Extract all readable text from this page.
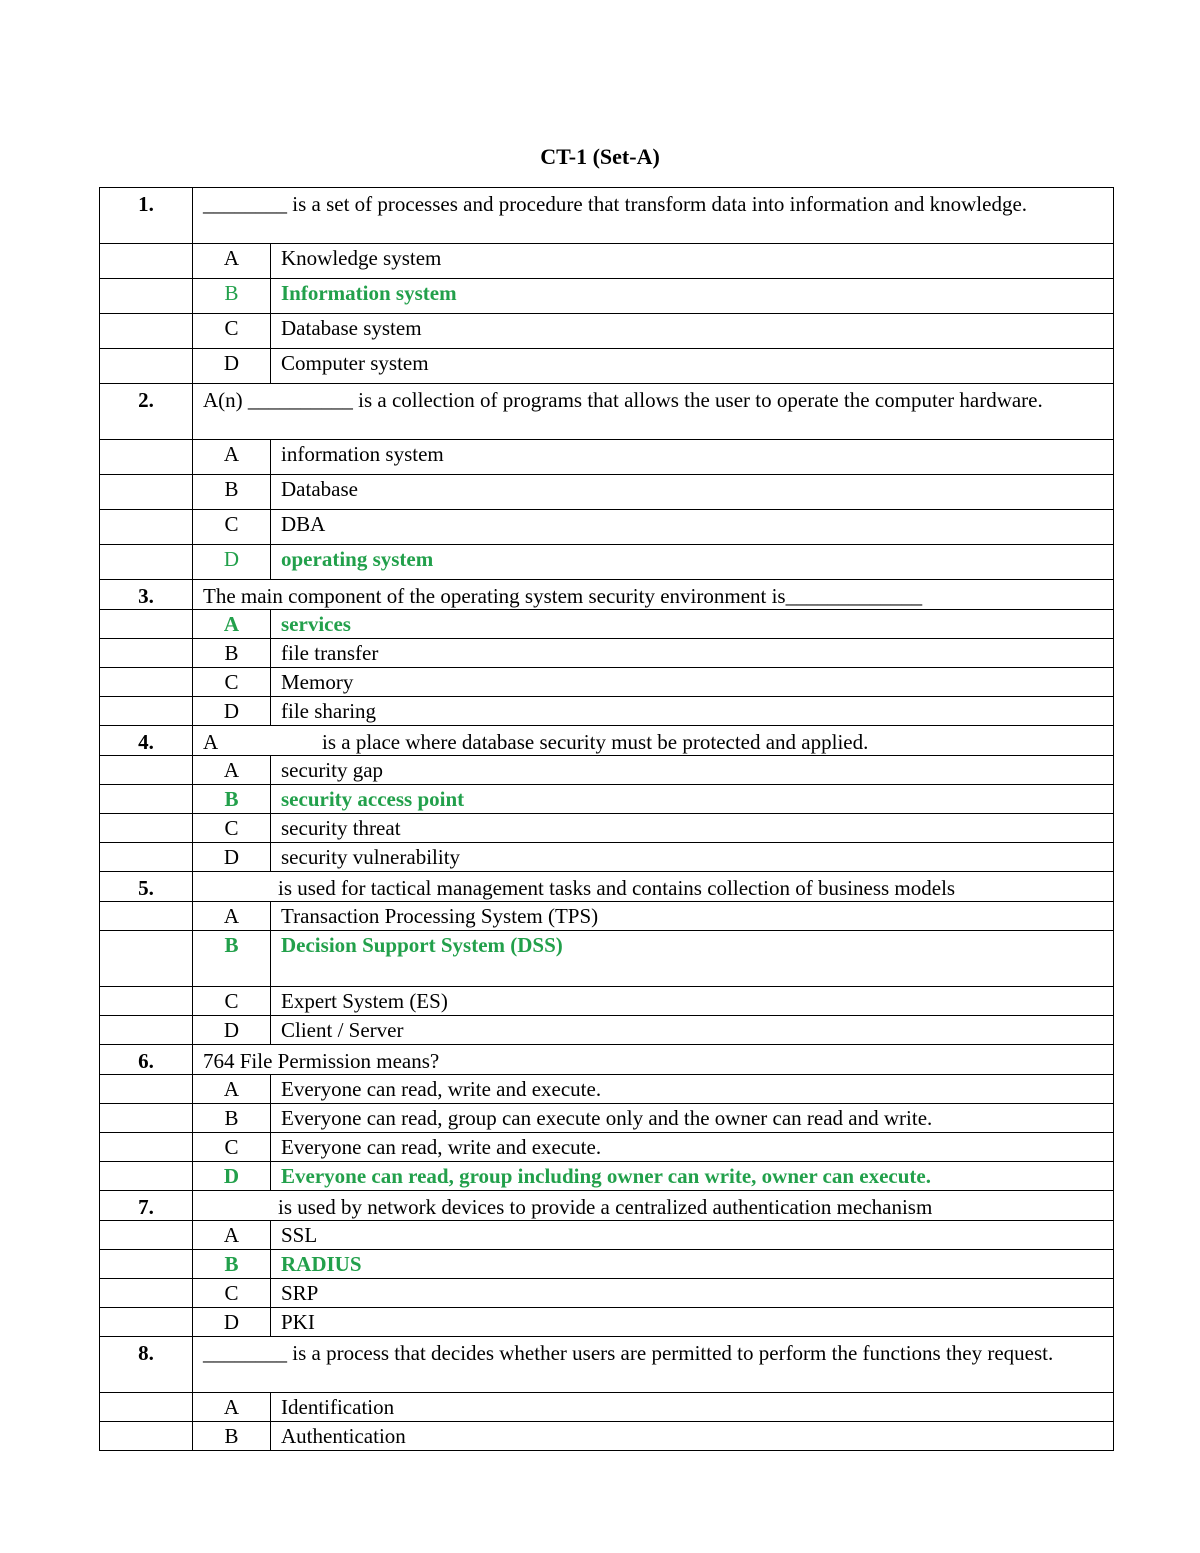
CT-1 (Set-A)
1.	________ is a set of processes and procedure that transform data into information and knowledge.	
	A	Knowledge system
	B	Information system
	C	Database system
	D	Computer system
2.	A(n) __________ is a collection of programs that allows the user to operate the computer hardware.	
	A	information system
	B	Database
	C	DBA
	D	operating system
3.	The main component of the operating system security environment is_____________	
	A	services
	B	file transfer
	C	Memory
	D	file sharing
4.	A                    is a place where database security must be protected and applied.	
	A	security gap
	B	security access point
	C	security threat
	D	security vulnerability
5.	is used for tactical management tasks and contains collection of business models	
	A	Transaction Processing System (TPS)
	B	Decision Support System (DSS)
	C	Expert System (ES)
	D	Client / Server
6.	764 File Permission means?	
	A	Everyone can read, write and execute.
	B	Everyone can read, group can execute only and the owner can read and write.
	C	Everyone can read, write and execute.
	D	Everyone can read, group including owner can write, owner can execute.
7.	is used by network devices to provide a centralized authentication mechanism	
	A	SSL
	B	RADIUS
	C	SRP
	D	PKI
8.	________ is a process that decides whether users are permitted to perform the functions they request.	
	A	Identification
	B	Authentication
